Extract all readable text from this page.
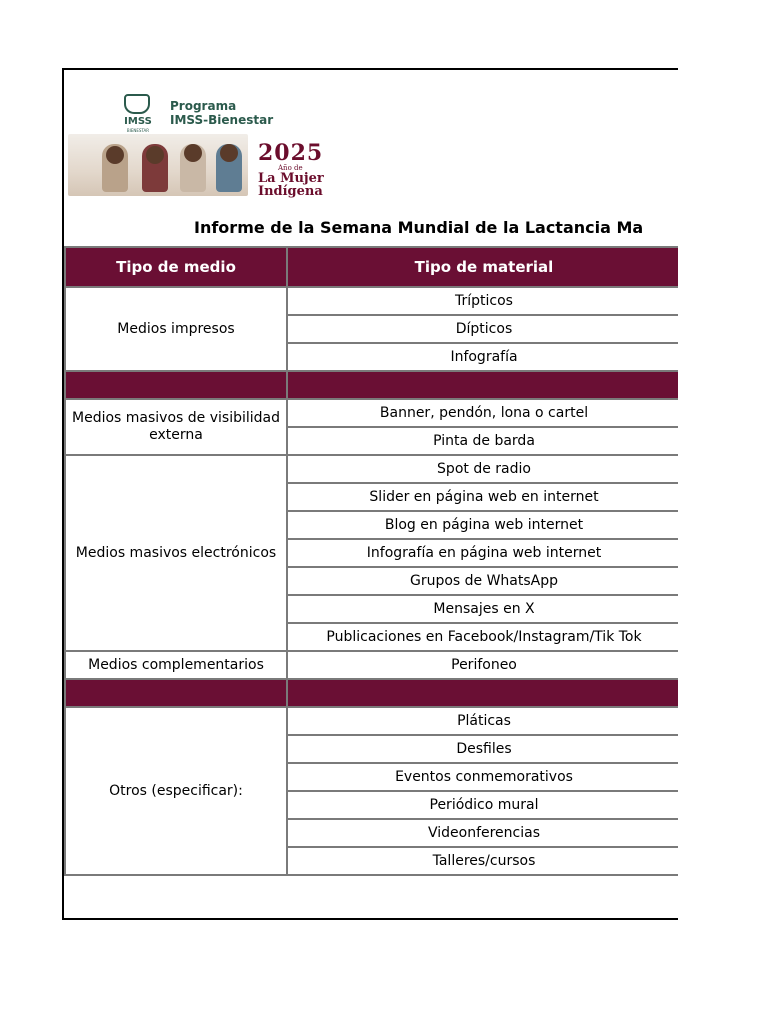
IMSS
BIENESTAR
Programa
IMSS-Bienestar
2025
Año de
La Mujer
Indígena
Informe de la Semana Mundial de la Lactancia Ma
Tipo de medio	Tipo de material
Medios impresos	Trípticos
	Dípticos
	Infografía

Medios masivos de visibilidad externa	Banner, pendón, lona o cartel
	Pinta de barda
Medios masivos electrónicos	Spot de radio
	Slider en página web en internet
	Blog en página web internet
	Infografía en página web internet
	Grupos de WhatsApp
	Mensajes en X
	Publicaciones en Facebook/Instagram/Tik Tok
Medios complementarios	Perifoneo

Otros (especificar):	Pláticas
	Desfiles
	Eventos conmemorativos
	Periódico mural
	Videonferencias
	Talleres/cursos
